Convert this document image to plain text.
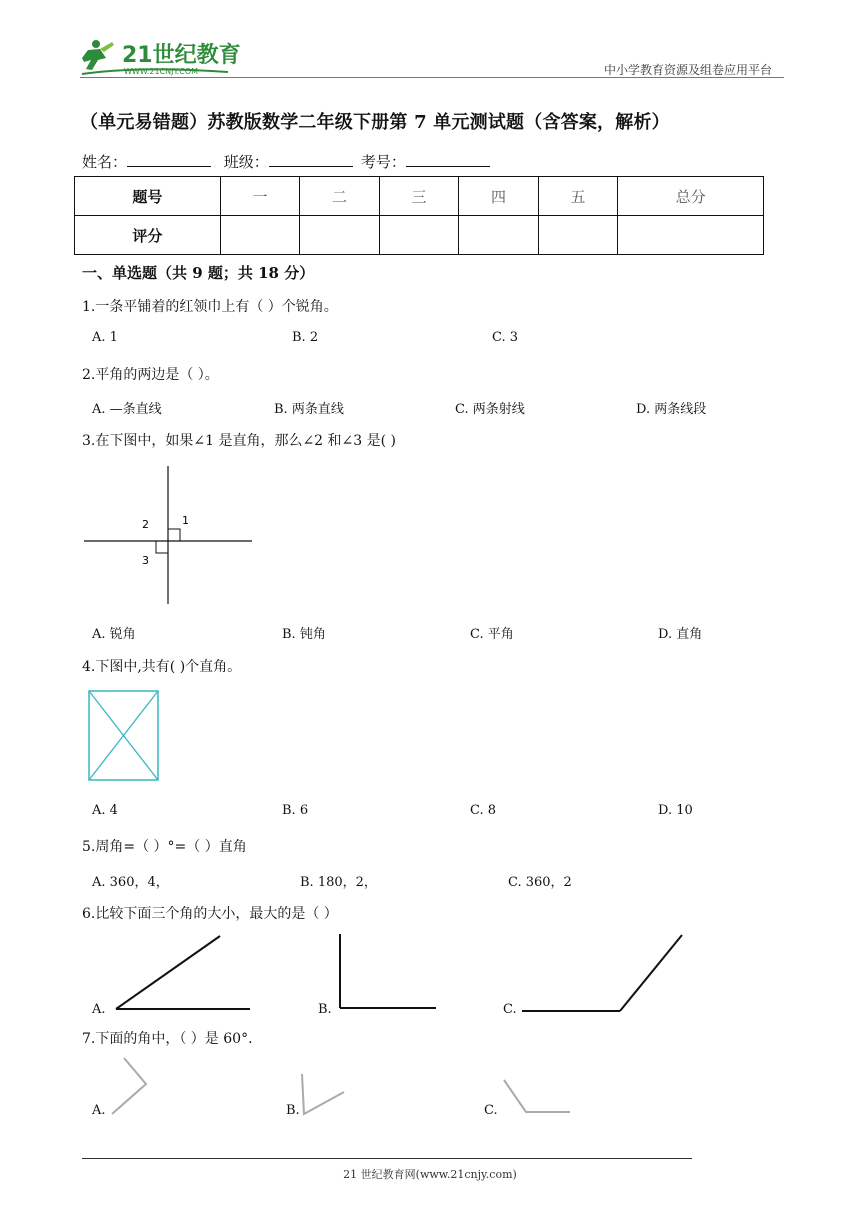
21世纪教育
WWW.21CNJY.COM	中小学教育资源及组卷应用平台
（单元易错题）苏教版数学二年级下册第 7 单元测试题（含答案，解析）
姓名：	班级：	考号：
题号	一	二	三	四	五	总分
评分						
一、单选题（共 9 题；共 18 分）
1.一条平铺着的红领巾上有（ ）个锐角。
A. 1	B. 2	C. 3
2.平角的两边是（ ）。
A. —条直线	B. 两条直线	C. 两条射线	D. 两条线段
3.在下图中，如果∠1 是直角，那么∠2 和∠3 是( )
1
2
3
A. 锐角	B. 钝角	C. 平角	D. 直角
4.下图中,共有( )个直角。
A. 4	B. 6	C. 8	D. 10
5.周角=（ ）°=（ ）直角
A. 360，4，	B. 180，2，	C. 360，2
6.比较下面三个角的大小，最大的是（ ）
A.	B.	C.
7.下面的角中，（ ）是 60°.
A.	B.	C.
21 世纪教育网(www.21cnjy.com)
